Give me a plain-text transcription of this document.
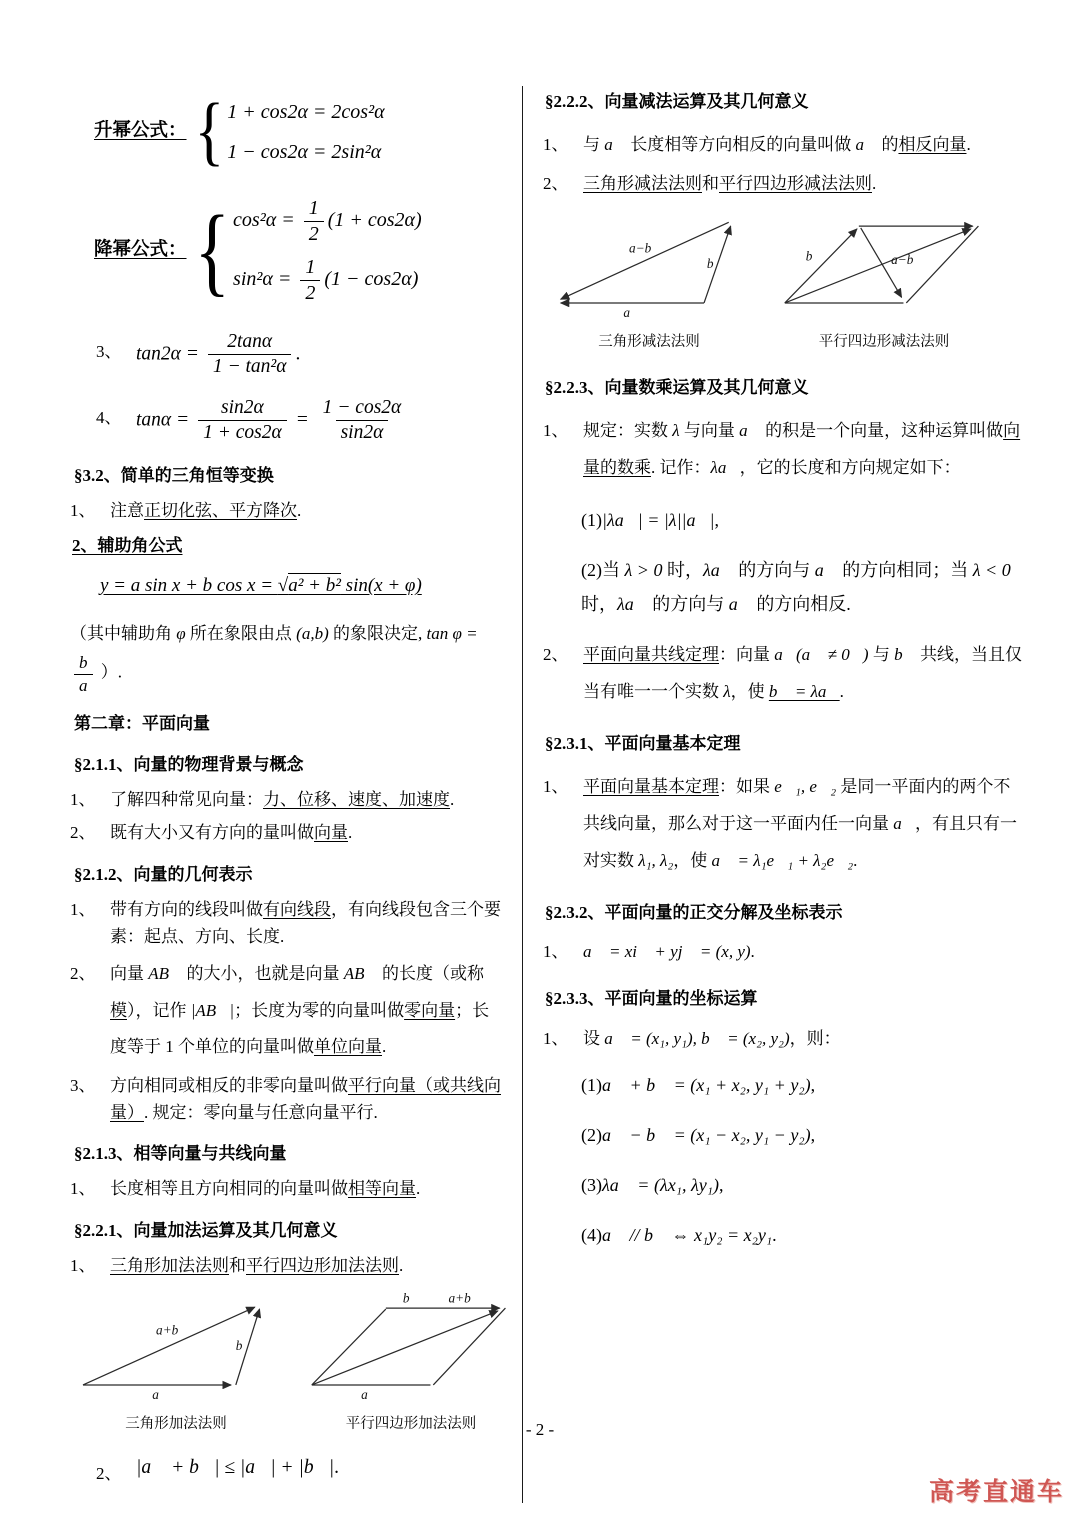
升幂公式： { 1 + cos2α = 2cos²α
1 − cos2α = 2sin²α
降幂公式： { $\cos^2\alpha = \frac{1}{2} (1 + \cos 2\alpha)$
$\sin^2\alpha = \frac{1}{2} (1 - \cos 2\alpha)$
3、 $\tan 2\alpha = \frac{2\tan\alpha}{\text{1 − tan²α}}$ .
4、 $\tan\alpha = \frac{\sin 2\alpha}{1 + \cos 2\alpha} = \frac{1 - \cos 2\alpha}{\sin 2\alpha}$
§3.2、简单的三角恒等变换
1、 注意正切化弦、平方降次.
2、辅助角公式
y = a sin x + b cos x = √a² + b² sin(x + φ)
（其中辅助角 φ 所在象限由点 (a,b) 的象限决定, tan φ =
$\frac{b}{a}$ ）.
第二章：平面向量
§2.1.1、向量的物理背景与概念
1、 了解四种常见向量：力、位移、速度、加速度.
2、 既有大小又有方向的量叫做向量.
§2.1.2、向量的几何表示
1、 带有方向的线段叫做有向线段，有向线段包含三个要素：起点、方向、长度.
2、 向量 AB⃗ 的大小，也就是向量 AB⃗ 的长度（或称模），记作 |AB⃗|；长度为零的向量叫做零向量；长度等于 1 个单位的向量叫做单位向量.
3、 方向相同或相反的非零向量叫做平行向量（或共线向量）. 规定：零向量与任意向量平行.
§2.1.3、相等向量与共线向量
1、 长度相等且方向相同的向量叫做相等向量.
§2.2.1、向量加法运算及其几何意义
1、 三角形加法法则和平行四边形加法法则.
a+b
b
a
三角形加法法则
b	a+b
a
平行四边形加法法则
2、 |a⃗ + b⃗| ≤ |a⃗| + |b⃗|.
§2.2.2、向量减法运算及其几何意义
1、 与 a⃗ 长度相等方向相反的向量叫做 a⃗ 的相反向量.
2、 三角形减法法则和平行四边形减法法则.
a−b
b
a
三角形减法法则
b	a−b
平行四边形减法法则
§2.2.3、向量数乘运算及其几何意义
1、 规定：实数 λ 与向量 a⃗ 的积是一个向量，这种运算叫做向量的数乘. 记作：λa⃗，它的长度和方向规定如下：
(1)|λa⃗| = |λ||a⃗|,
(2)当 λ > 0 时，λa⃗ 的方向与 a⃗ 的方向相同；当 λ < 0 时，λa⃗ 的方向与 a⃗ 的方向相反.
2、 平面向量共线定理：向量 a⃗(a⃗ ≠ 0⃗) 与 b⃗ 共线，当且仅当有唯一一个实数 λ，使 b⃗ = λa⃗.
§2.3.1、平面向量基本定理
1、 平面向量基本定理：如果 e⃗₁, e⃗₂ 是同一平面内的两个不共线向量，那么对于这一平面内任一向量 a⃗，有且只有一对实数 λ₁, λ₂，使 a⃗ = λ₁e⃗₁ + λ₂e⃗₂.
§2.3.2、平面向量的正交分解及坐标表示
1、 a⃗ = xi⃗ + yj⃗ = (x, y).
§2.3.3、平面向量的坐标运算
1、 设 a⃗ = (x₁, y₁), b⃗ = (x₂, y₂)，则：
(1)a⃗ + b⃗ = (x₁ + x₂, y₁ + y₂),
(2)a⃗ − b⃗ = (x₁ − x₂, y₁ − y₂),
(3)λa⃗ = (λx₁, λy₁),
(4)a⃗ // b⃗ ⇔ x₁y₂ = x₂y₁.
- 2 -
高考直通车
